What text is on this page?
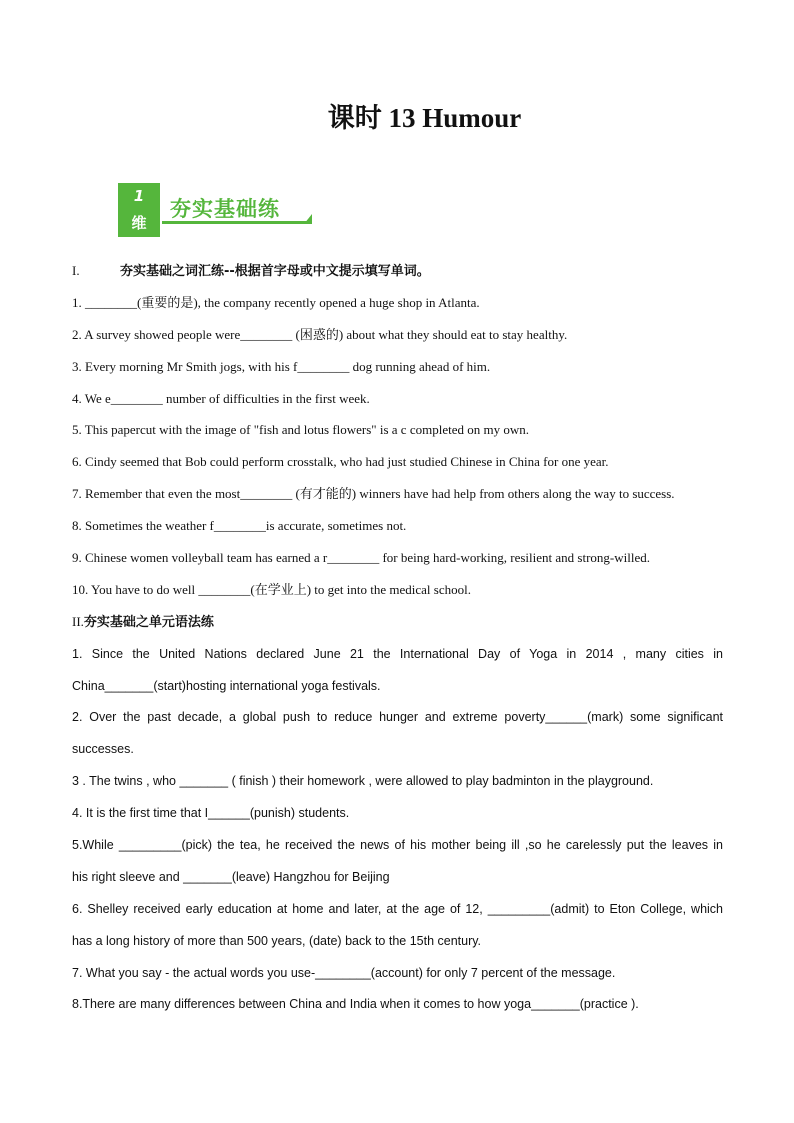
课时 13 Humour
1
维
夯实基础练
I.	夯实基础之词汇练--根据首字母或中文提示填写单词。
1. ________(重要的是), the company recently opened a huge shop in Atlanta.
2. A survey showed people were________ (困惑的) about what they should eat to stay healthy.
3. Every morning Mr Smith jogs, with his f________ dog running ahead of him.
4. We e________ number of difficulties in the first week.
5. This papercut with the image of "fish and lotus flowers" is a c completed on my own.
6. Cindy seemed that Bob could perform crosstalk, who had just studied Chinese in China for one year.
7. Remember that even the most________ (有才能的) winners have had help from others along the way to success.
8. Sometimes the weather f________is accurate, sometimes not.
9. Chinese women volleyball team has earned a r________ for being hard-working, resilient and strong-willed.
10. You have to do well ________(在学业上) to get into the medical school.
II.夯实基础之单元语法练
1. Since the United Nations declared June 21 the International Day of Yoga in 2014 , many cities in
China_______(start)hosting international yoga festivals.
2. Over the past decade, a global push to reduce hunger and extreme poverty______(mark) some significant
successes.
3 . The twins , who _______ ( finish ) their homework , were allowed to play badminton in the playground.
4. It is the first time that I______(punish) students.
5.While _________(pick) the tea, he received the news of his mother being ill ,so he carelessly put the leaves in
his right sleeve and _______(leave) Hangzhou for Beijing
6. Shelley received early education at home and later, at the age of 12, _________(admit) to Eton College, which
has a long history of more than 500 years, (date) back to the 15th century.
7. What you say - the actual words you use-________(account) for only 7 percent of the message.
8.There are many differences between China and India when it comes to how yoga_______(practice ).
